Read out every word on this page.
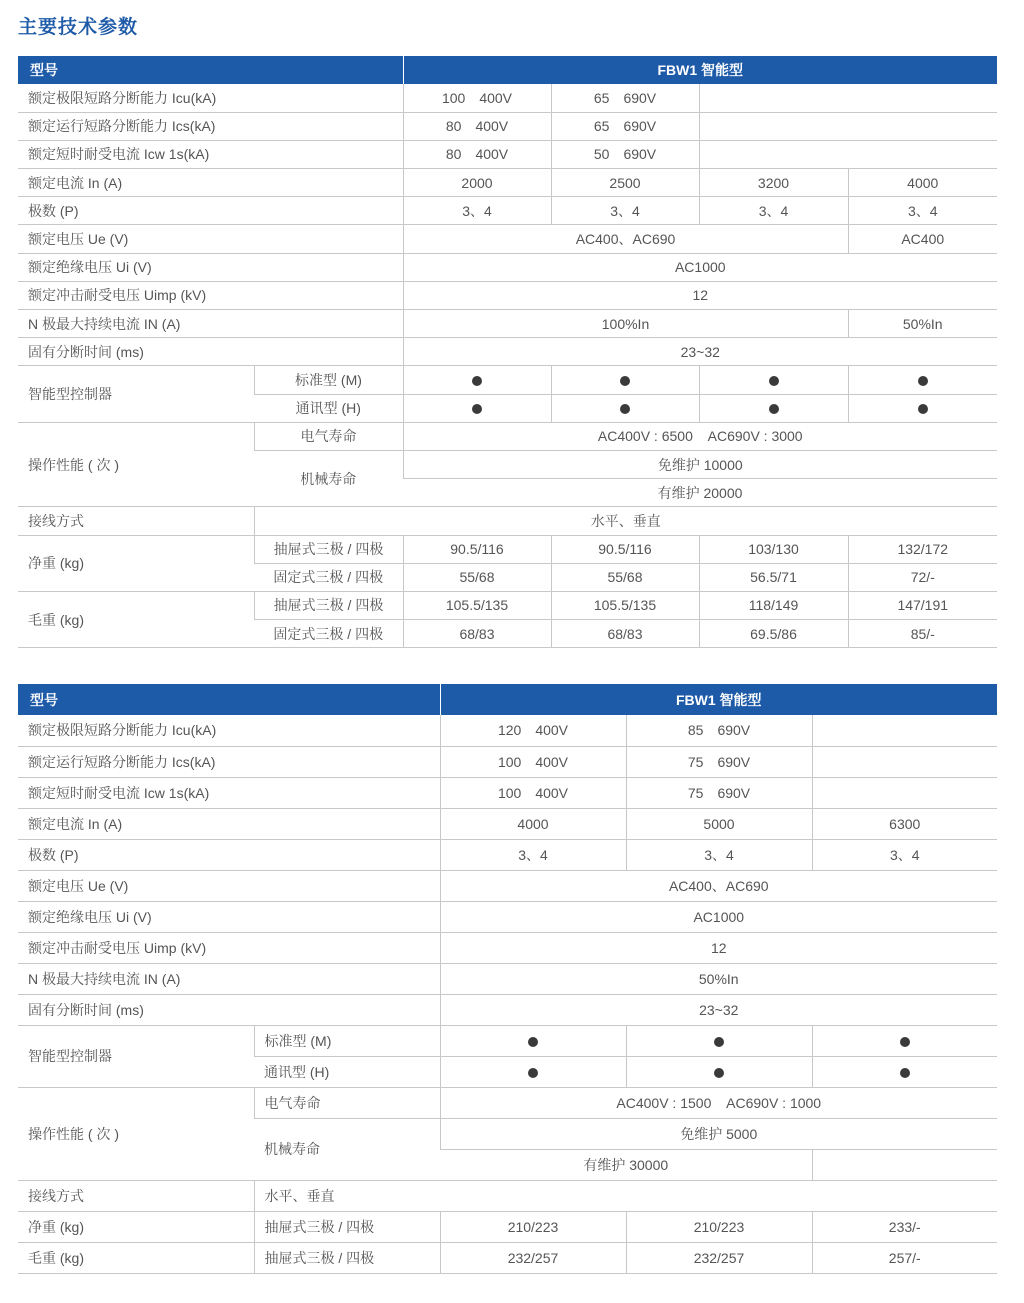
主要技术参数
型号		FBW1 智能型			
额定极限短路分断能力 Icu(kA)		100 400V	65 690V		
额定运行短路分断能力 Ics(kA)		80 400V	65 690V		
额定短时耐受电流 Icw 1s(kA)		80 400V	50 690V		
额定电流 In (A)		2000	2500	3200	4000
极数 (P)		3、4	3、4	3、4	3、4
额定电压 Ue (V)		AC400、AC690			AC400
额定绝缘电压 Ui (V)		AC1000			
额定冲击耐受电压 Uimp (kV)		12			
N 极最大持续电流 IN (A)		100%In			50%In
固有分断时间 (ms)		23~32			
智能型控制器	标准型 (M)				
	通讯型 (H)				
操作性能 ( 次 )	电气寿命	AC400V : 6500    AC690V : 3000			
	机械寿命	免维护 10000			
		有维护 20000			
接线方式	水平、垂直				
净重 (kg)	抽屉式三极 / 四极	90.5/116	90.5/116	103/130	132/172
	固定式三极 / 四极	55/68	55/68	56.5/71	72/-
毛重 (kg)	抽屉式三极 / 四极	105.5/135	105.5/135	118/149	147/191
	固定式三极 / 四极	68/83	68/83	69.5/86	85/-
型号		FBW1 智能型		
额定极限短路分断能力 Icu(kA)		120 400V	85 690V	
额定运行短路分断能力 Ics(kA)		100 400V	75 690V	
额定短时耐受电流 Icw 1s(kA)		100 400V	75 690V	
额定电流 In (A)		4000	5000	6300
极数 (P)		3、4	3、4	3、4
额定电压 Ue (V)		AC400、AC690		
额定绝缘电压 Ui (V)		AC1000		
额定冲击耐受电压 Uimp (kV)		12		
N 极最大持续电流 IN (A)		50%In		
固有分断时间 (ms)		23~32		
智能型控制器	标准型 (M)			
	通讯型 (H)			
操作性能 ( 次 )	电气寿命	AC400V : 1500    AC690V : 1000		
	机械寿命	免维护 5000		
		有维护 30000		
接线方式	水平、垂直			
净重 (kg)	抽屉式三极 / 四极	210/223	210/223	233/-
毛重 (kg)	抽屉式三极 / 四极	232/257	232/257	257/-
